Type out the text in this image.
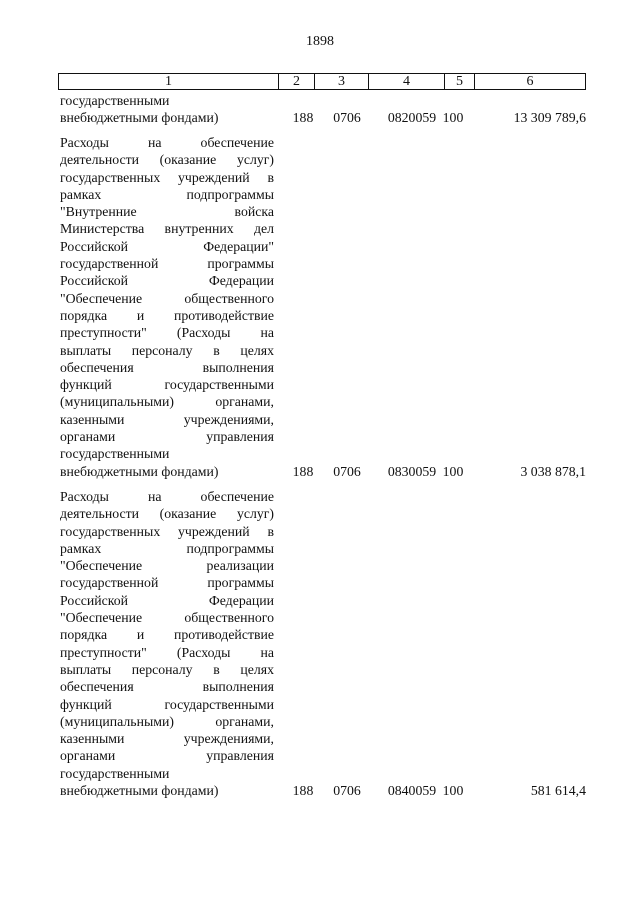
1898
1	2	3	4	5	6
государственными
внебюджетными фондами)	188	0706	0820059 100	13 309 789,6
Расходы на обеспечение
деятельности (оказание услуг)
государственных учреждений в
рамках подпрограммы
"Внутренние войска
Министерства внутренних дел
Российской Федерации"
государственной программы
Российской Федерации
"Обеспечение общественного
порядка и противодействие
преступности" (Расходы на
выплаты персоналу в целях
обеспечения выполнения
функций государственными
(муниципальными) органами,
казенными учреждениями,
органами управления
государственными
внебюджетными фондами)	188	0706	0830059 100	3 038 878,1
Расходы на обеспечение
деятельности (оказание услуг)
государственных учреждений в
рамках подпрограммы
"Обеспечение реализации
государственной программы
Российской Федерации
"Обеспечение общественного
порядка и противодействие
преступности" (Расходы на
выплаты персоналу в целях
обеспечения выполнения
функций государственными
(муниципальными) органами,
казенными учреждениями,
органами управления
государственными
внебюджетными фондами)	188	0706	0840059 100	581 614,4
